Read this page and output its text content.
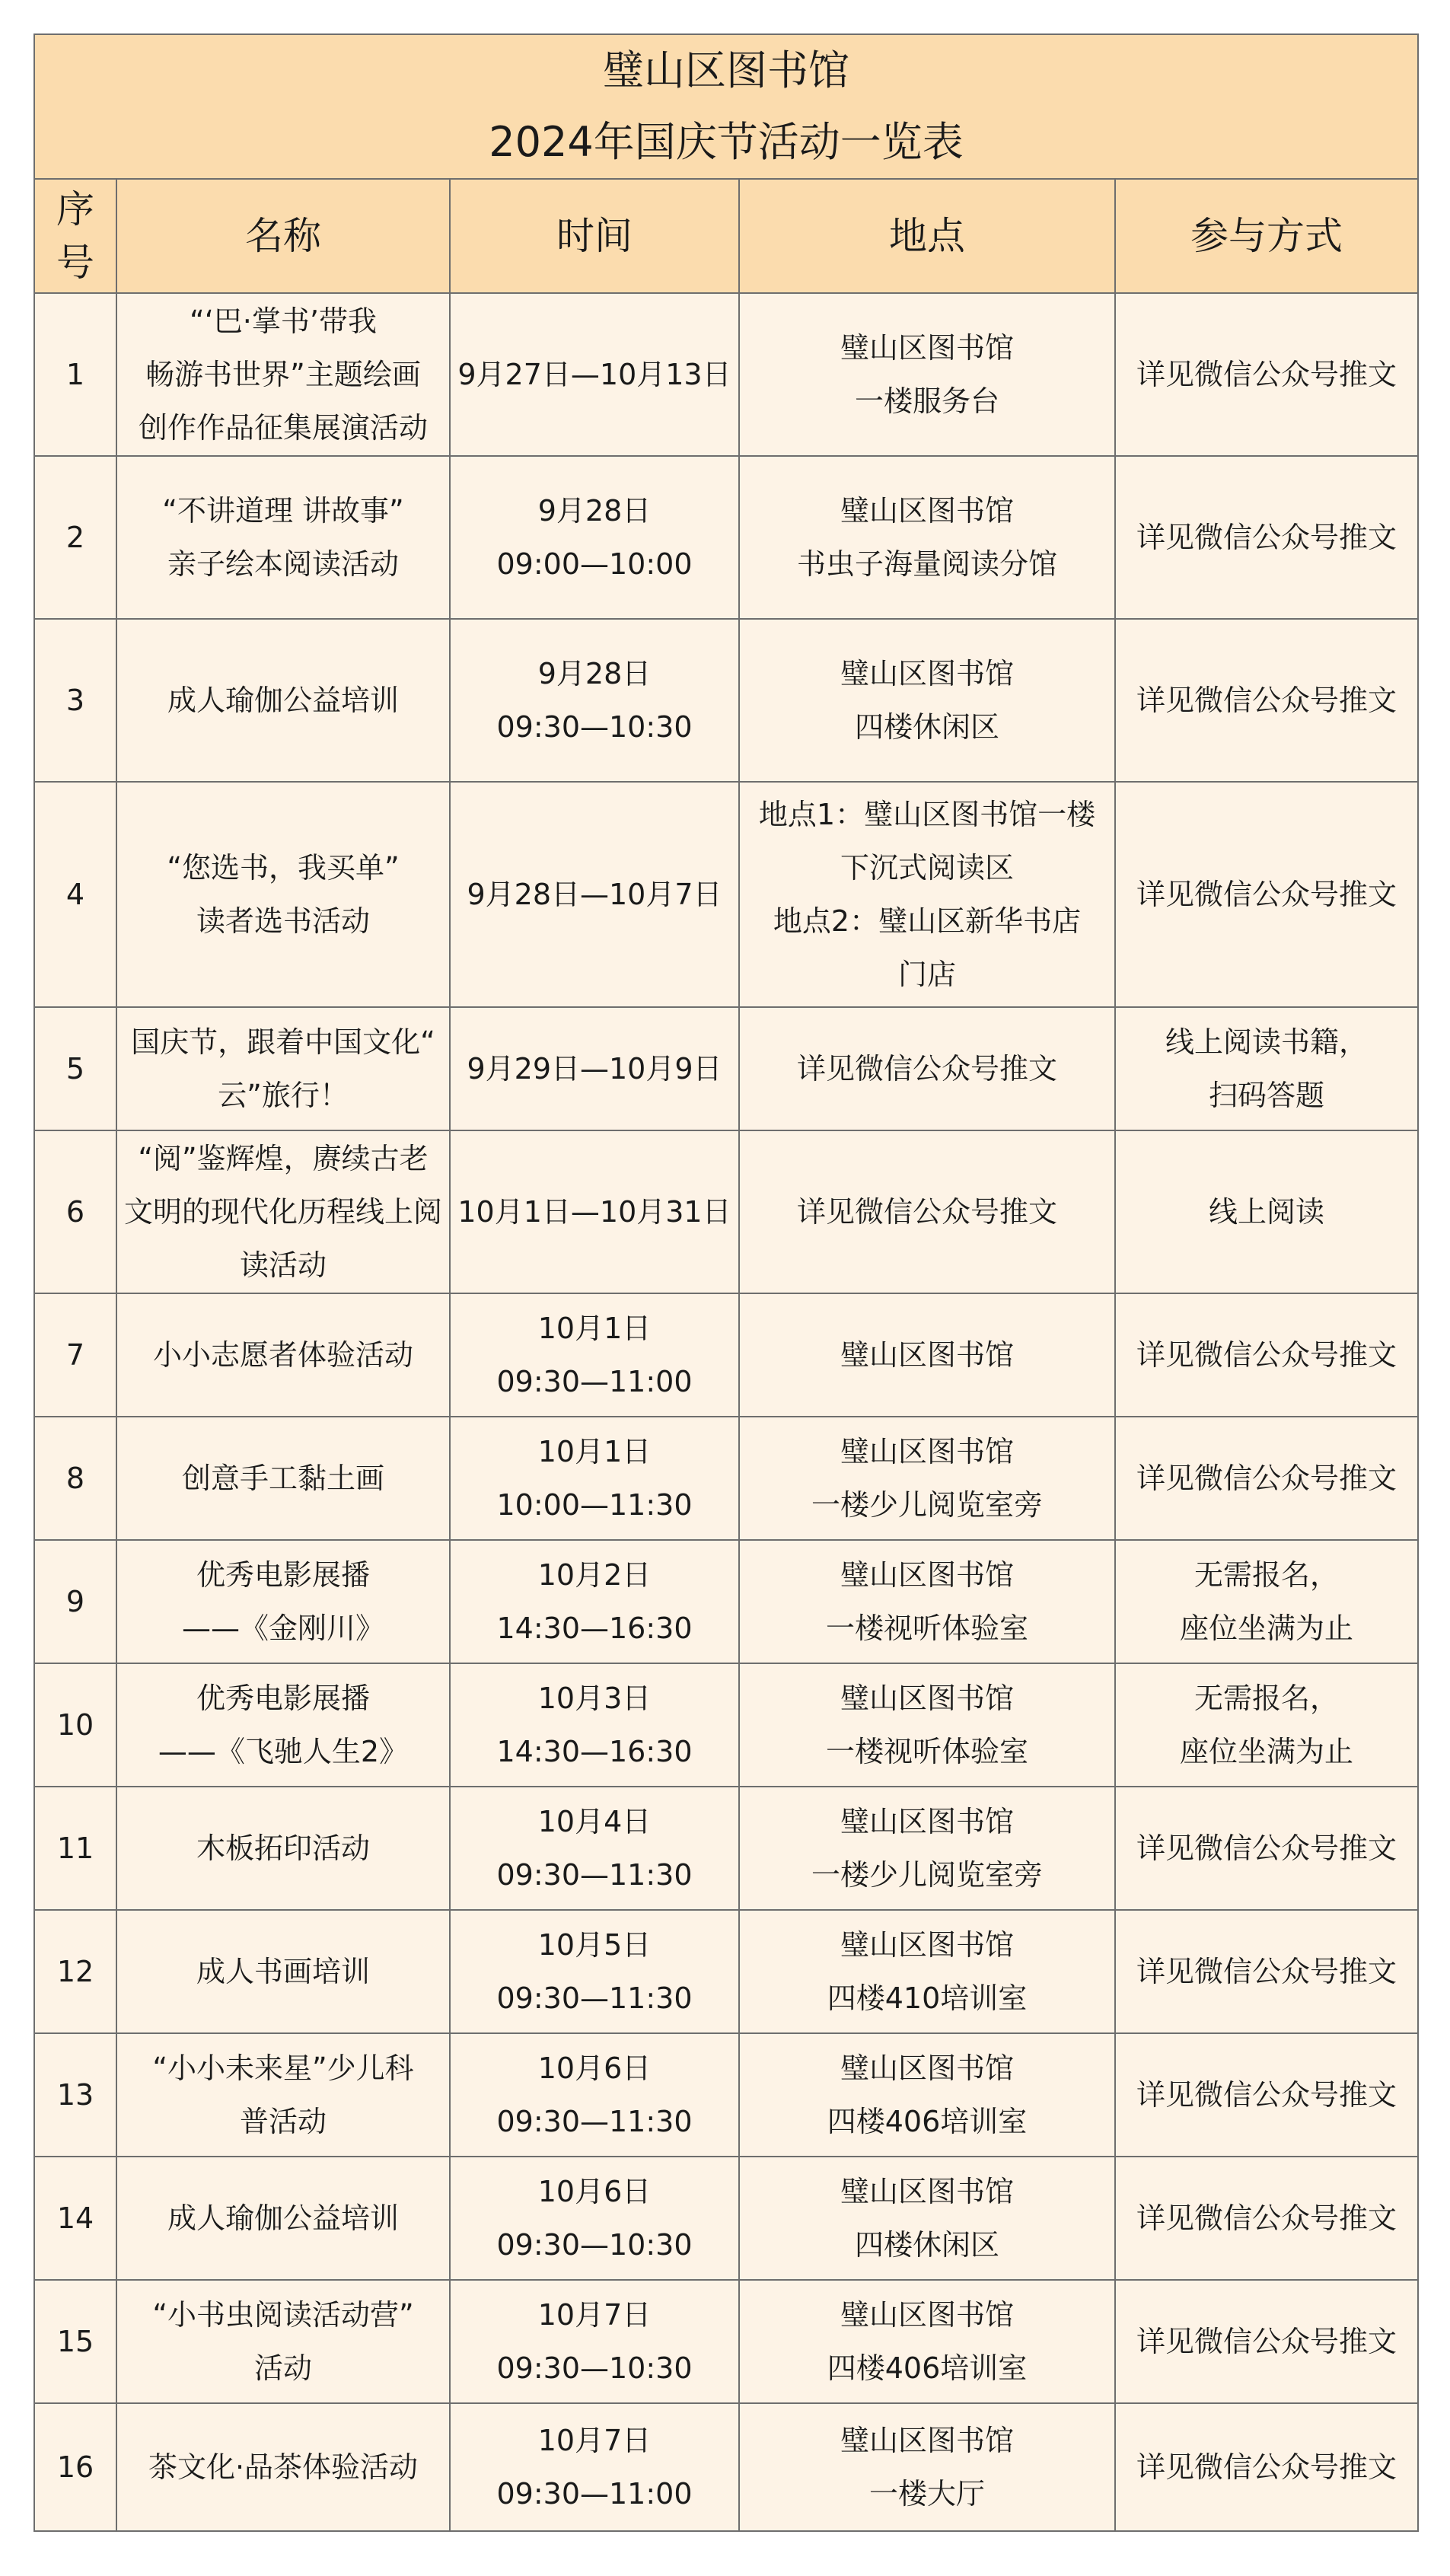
璧山区图书馆
2024年国庆节活动一览表				

序号	名称	时间	地点	参与方式
1	“‘巴·掌书’带我
畅游书世界”主题绘画
创作作品征集展演活动	9月27日—10月13日	璧山区图书馆
一楼服务台	详见微信公众号推文

2	“不讲道理 讲故事”
亲子绘本阅读活动	9月28日
09:00—10:00	璧山区图书馆
书虫子海量阅读分馆	详见微信公众号推文

3	成人瑜伽公益培训	9月28日
09:30—10:30	璧山区图书馆
四楼休闲区	详见微信公众号推文

4	“您选书，我买单”
读者选书活动	9月28日—10月7日	地点1：璧山区图书馆一楼
下沉式阅读区
地点2：璧山区新华书店
门店	详见微信公众号推文

5	国庆节，跟着中国文化“
云”旅行！	9月29日—10月9日	详见微信公众号推文	线上阅读书籍，
扫码答题

6	“阅”鉴辉煌，赓续古老
文明的现代化历程线上阅
读活动	10月1日—10月31日	详见微信公众号推文	线上阅读

7	小小志愿者体验活动	10月1日
09:30—11:00	璧山区图书馆	详见微信公众号推文

8	创意手工黏土画	10月1日
10:00—11:30	璧山区图书馆
一楼少儿阅览室旁	详见微信公众号推文

9	优秀电影展播
——《金刚川》	10月2日
14:30—16:30	璧山区图书馆
一楼视听体验室	无需报名，
座位坐满为止

10	优秀电影展播
——《飞驰人生2》	10月3日
14:30—16:30	璧山区图书馆
一楼视听体验室	无需报名，
座位坐满为止

11	木板拓印活动	10月4日
09:30—11:30	璧山区图书馆
一楼少儿阅览室旁	详见微信公众号推文

12	成人书画培训	10月5日
09:30—11:30	璧山区图书馆
四楼410培训室	详见微信公众号推文

13	“小小未来星”少儿科
普活动	10月6日
09:30—11:30	璧山区图书馆
四楼406培训室	详见微信公众号推文

14	成人瑜伽公益培训	10月6日
09:30—10:30	璧山区图书馆
四楼休闲区	详见微信公众号推文

15	“小书虫阅读活动营”
活动	10月7日
09:30—10:30	璧山区图书馆
四楼406培训室	详见微信公众号推文

16	茶文化·品茶体验活动	10月7日
09:30—11:00	璧山区图书馆
一楼大厅	详见微信公众号推文
